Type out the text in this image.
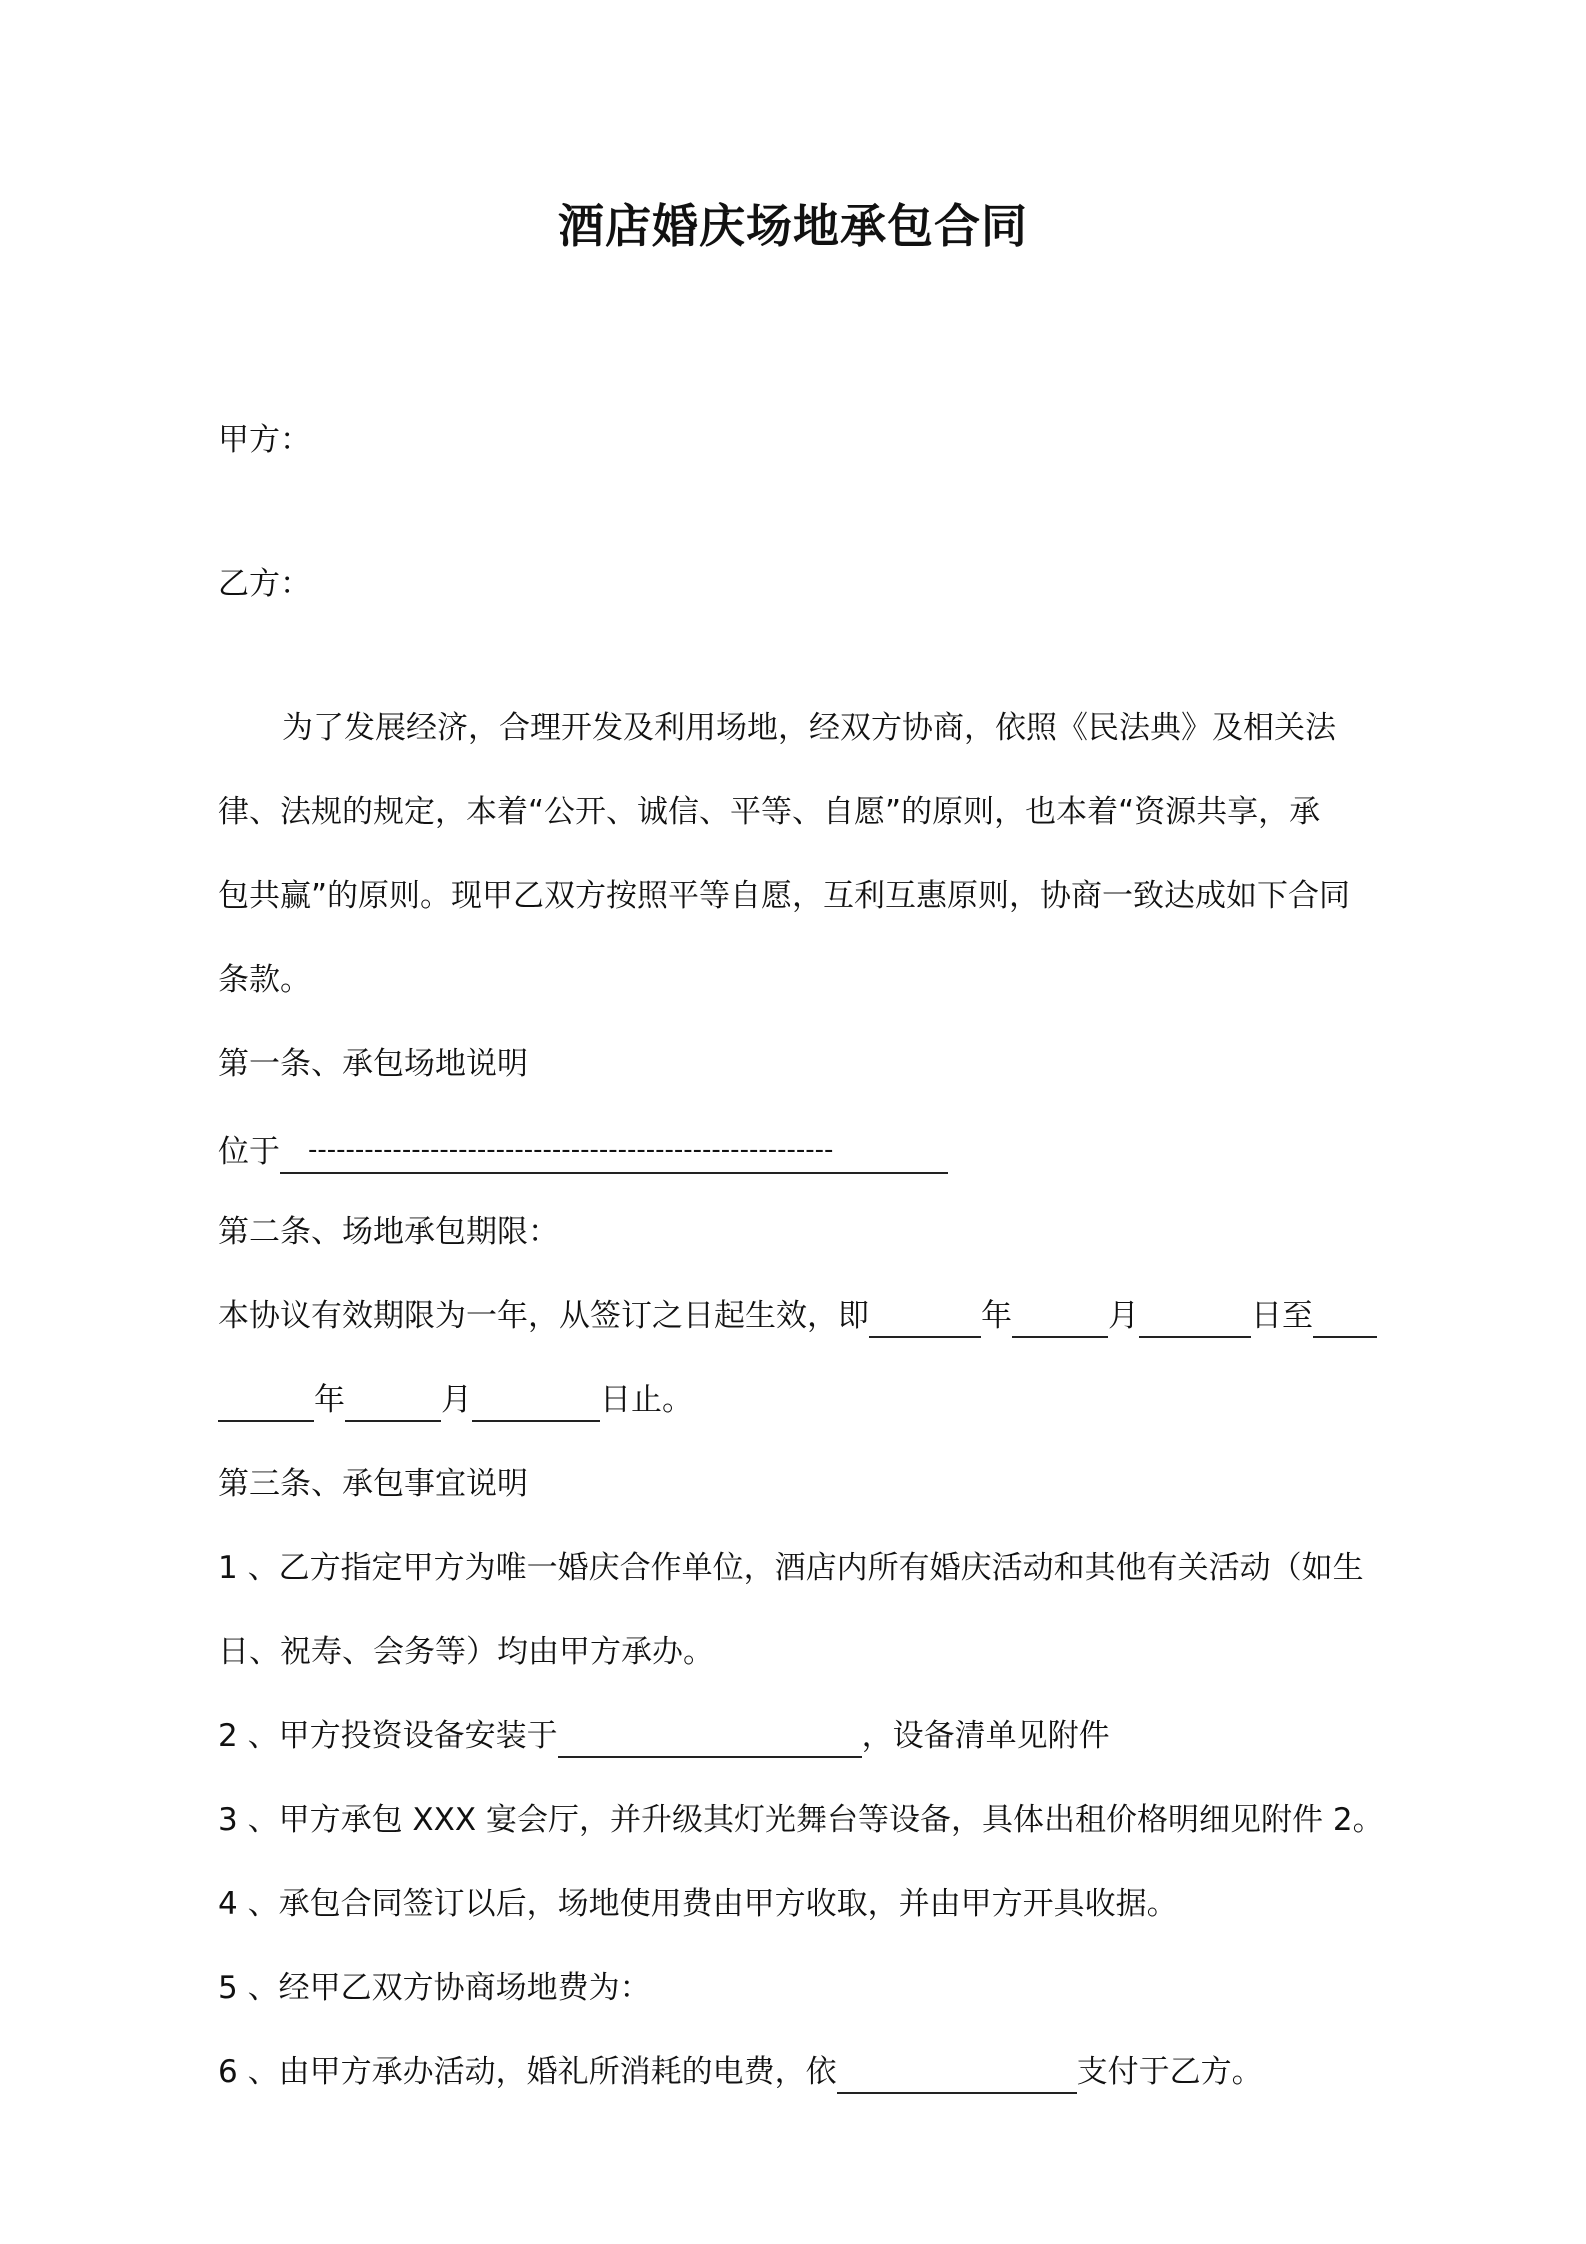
酒店婚庆场地承包合同
甲方：
乙方：
为了发展经济，合理开发及利用场地，经双方协商，依照《民法典》及相关法
律、法规的规定，本着“公开、诚信、平等、自愿”的原则，也本着“资源共享，承
包共赢”的原则。现甲乙双方按照平等自愿，互利互惠原则，协商一致达成如下合同
条款。
第一条、承包场地说明
位于 --------------------------------------------------------
第二条、场地承包期限：
本协议有效期限为一年，从签订之日起生效，即	年	月	日至
年	月	日止。
第三条、承包事宜说明
1 、乙方指定甲方为唯一婚庆合作单位，酒店内所有婚庆活动和其他有关活动（如生
日、祝寿、会务等）均由甲方承办。
2 、甲方投资设备安装于	，设备清单见附件
3 、甲方承包 XXX 宴会厅，并升级其灯光舞台等设备，具体出租价格明细见附件 2。
4 、承包合同签订以后，场地使用费由甲方收取，并由甲方开具收据。
5 、经甲乙双方协商场地费为：
6 、由甲方承办活动，婚礼所消耗的电费，依	支付于乙方。
